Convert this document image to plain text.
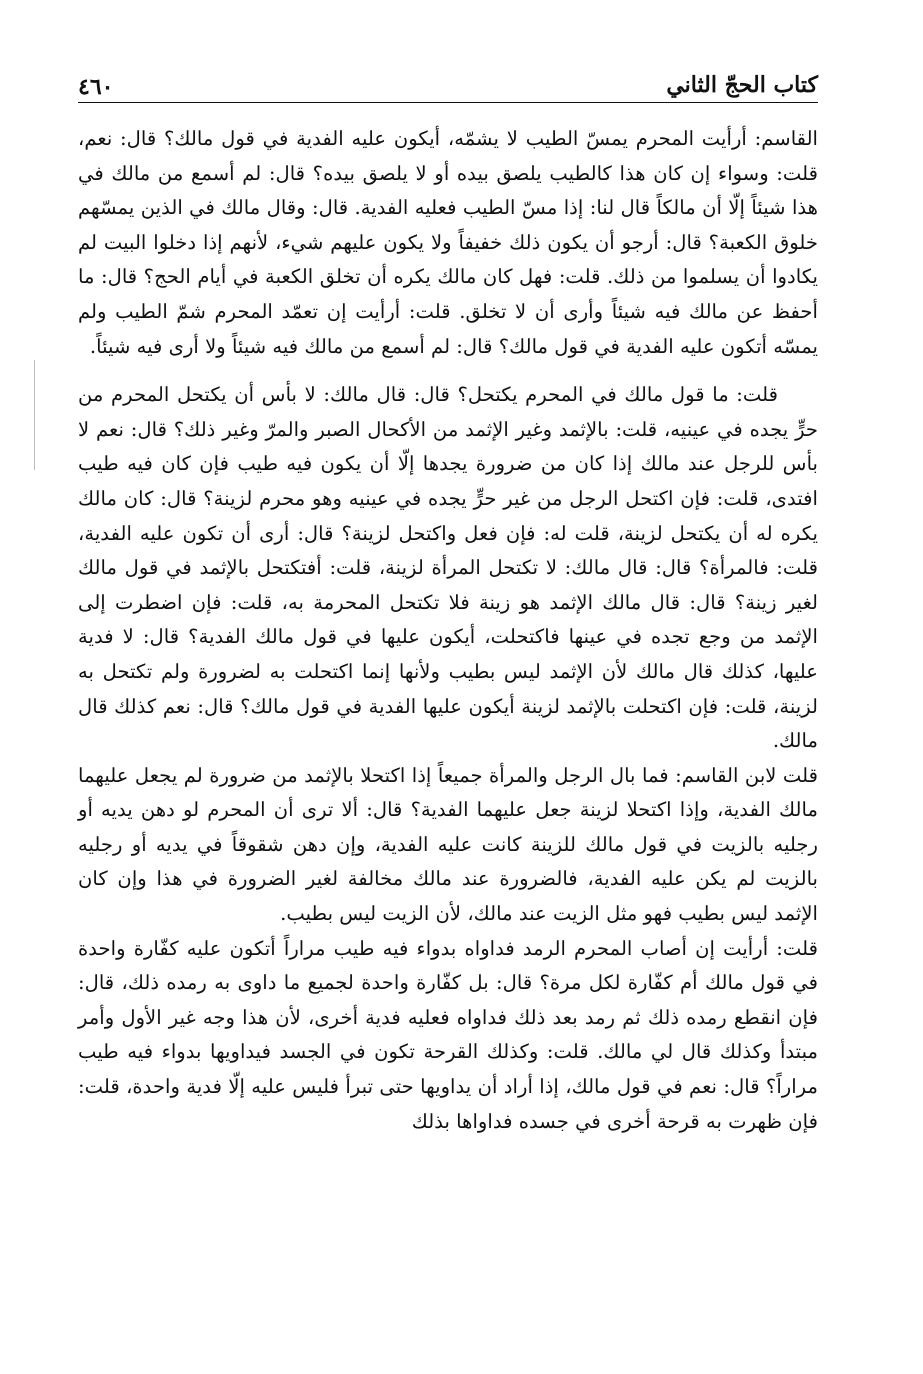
٤٦٠	كتاب الحجّ الثاني

القاسم: أرأيت المحرم يمسّ الطيب لا يشمّه، أيكون عليه الفدية في قول مالك؟ قال: نعم، قلت: وسواء إن كان هذا كالطيب يلصق بيده أو لا يلصق بيده؟ قال: لم أسمع من مالك في هذا شيئاً إلّا أن مالكاً قال لنا: إذا مسّ الطيب فعليه الفدية. قال: وقال مالك في الذين يمسّهم خلوق الكعبة؟ قال: أرجو أن يكون ذلك خفيفاً ولا يكون عليهم شيء، لأنهم إذا دخلوا البيت لم يكادوا أن يسلموا من ذلك. قلت: فهل كان مالك يكره أن تخلق الكعبة في أيام الحج؟ قال: ما أحفظ عن مالك فيه شيئاً وأرى أن لا تخلق. قلت: أرأيت إن تعمّد المحرم شمّ الطيب ولم يمسّه أتكون عليه الفدية في قول مالك؟ قال: لم أسمع من مالك فيه شيئاً ولا أرى فيه شيئاً.

قلت: ما قول مالك في المحرم يكتحل؟ قال: قال مالك: لا بأس أن يكتحل المحرم من حرٍّ يجده في عينيه، قلت: بالإثمد وغير الإثمد من الأكحال الصبر والمرّ وغير ذلك؟ قال: نعم لا بأس للرجل عند مالك إذا كان من ضرورة يجدها إلّا أن يكون فيه طيب فإن كان فيه طيب افتدى، قلت: فإن اكتحل الرجل من غير حرٍّ يجده في عينيه وهو محرم لزينة؟ قال: كان مالك يكره له أن يكتحل لزينة، قلت له: فإن فعل واكتحل لزينة؟ قال: أرى أن تكون عليه الفدية، قلت: فالمرأة؟ قال: قال مالك: لا تكتحل المرأة لزينة، قلت: أفتكتحل بالإثمد في قول مالك لغير زينة؟ قال: قال مالك الإثمد هو زينة فلا تكتحل المحرمة به، قلت: فإن اضطرت إلى الإثمد من وجع تجده في عينها فاكتحلت، أيكون عليها في قول مالك الفدية؟ قال: لا فدية عليها، كذلك قال مالك لأن الإثمد ليس بطيب ولأنها إنما اكتحلت به لضرورة ولم تكتحل به لزينة، قلت: فإن اكتحلت بالإثمد لزينة أيكون عليها الفدية في قول مالك؟ قال: نعم كذلك قال مالك.

قلت لابن القاسم: فما بال الرجل والمرأة جميعاً إذا اكتحلا بالإثمد من ضرورة لم يجعل عليهما مالك الفدية، وإذا اكتحلا لزينة جعل عليهما الفدية؟ قال: ألا ترى أن المحرم لو دهن يديه أو رجليه بالزيت في قول مالك للزينة كانت عليه الفدية، وإن دهن شقوقاً في يديه أو رجليه بالزيت لم يكن عليه الفدية، فالضرورة عند مالك مخالفة لغير الضرورة في هذا وإن كان الإثمد ليس بطيب فهو مثل الزيت عند مالك، لأن الزيت ليس بطيب.

قلت: أرأيت إن أصاب المحرم الرمد فداواه بدواء فيه طيب مراراً أتكون عليه كفّارة واحدة في قول مالك أم كفّارة لكل مرة؟ قال: بل كفّارة واحدة لجميع ما داوى به رمده ذلك، قال: فإن انقطع رمده ذلك ثم رمد بعد ذلك فداواه فعليه فدية أخرى، لأن هذا وجه غير الأول وأمر مبتدأ وكذلك قال لي مالك. قلت: وكذلك القرحة تكون في الجسد فيداويها بدواء فيه طيب مراراً؟ قال: نعم في قول مالك، إذا أراد أن يداويها حتى تبرأ فليس عليه إلّا فدية واحدة، قلت: فإن ظهرت به قرحة أخرى في جسده فداواها بذلك
